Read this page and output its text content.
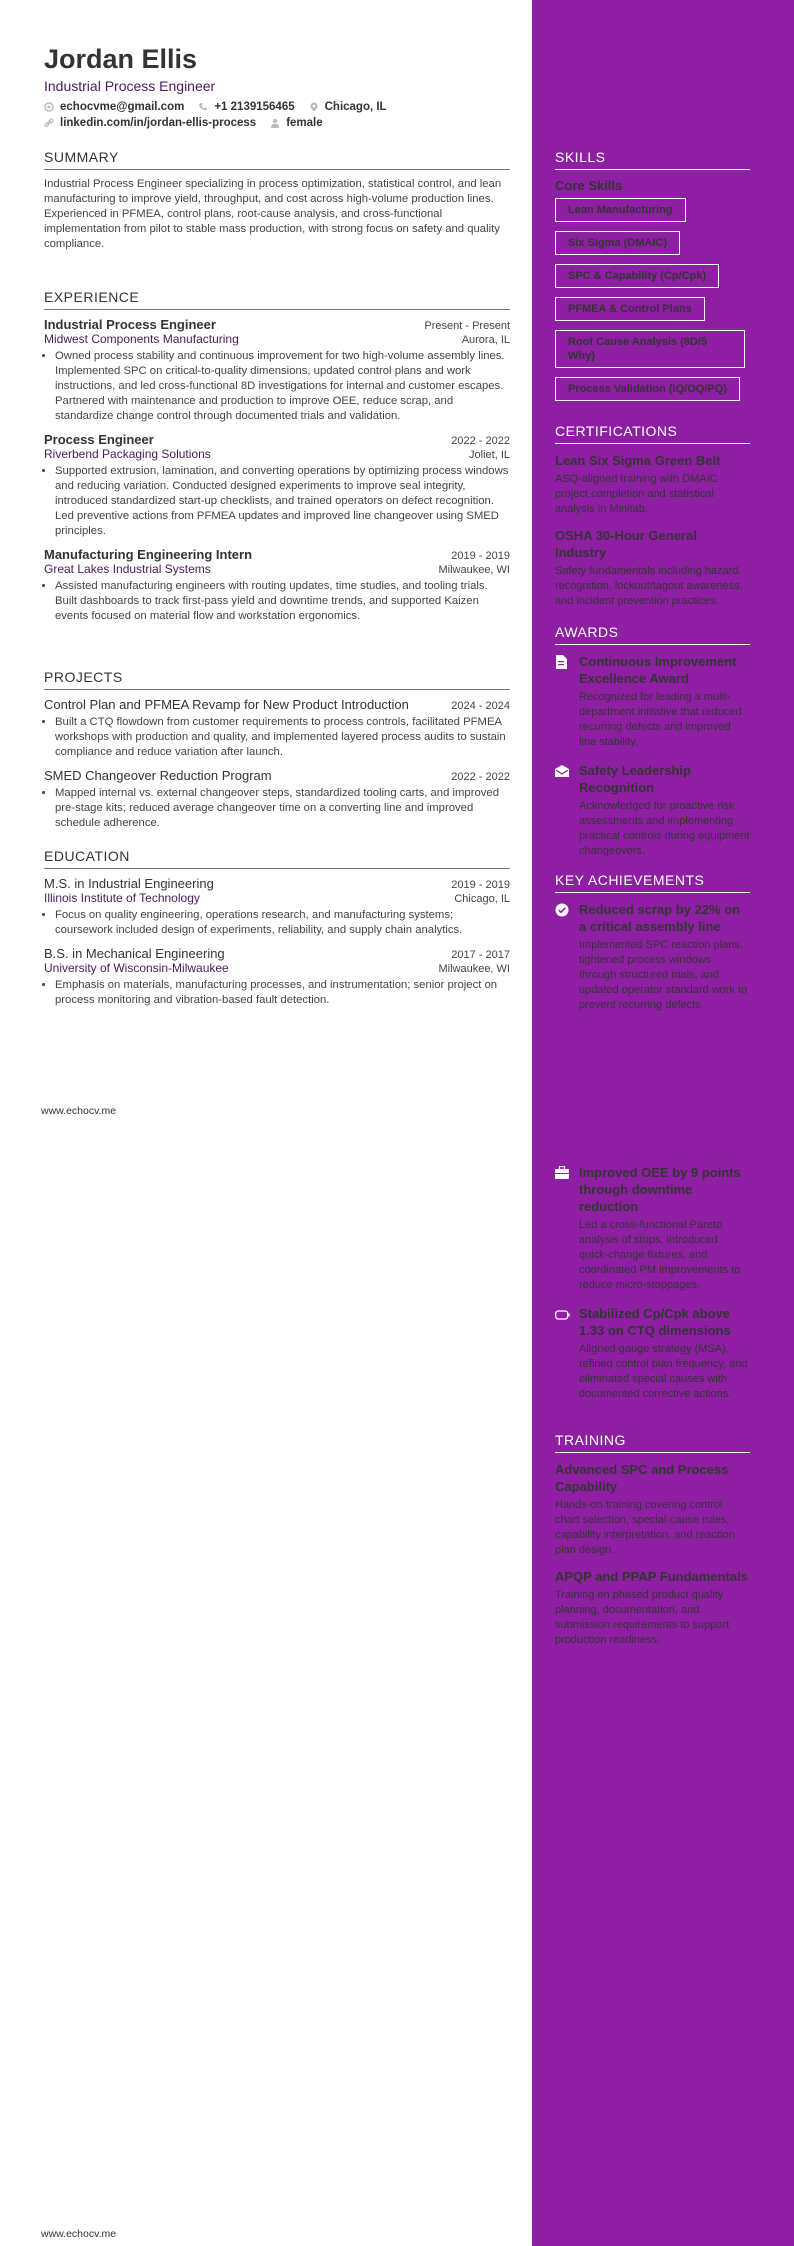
Jordan Ellis
Industrial Process Engineer
echocvme@gmail.com	+1 2139156465	Chicago, IL
linkedin.com/in/jordan-ellis-process	female
SUMMARY

Industrial Process Engineer specializing in process optimization, statistical control, and lean manufacturing to improve yield, throughput, and cost across high-volume production lines.

Experienced in PFMEA, control plans, root-cause analysis, and cross-functional implementation from pilot to stable mass production, with strong focus on safety and quality compliance.

EXPERIENCE
Industrial Process Engineer	Present - Present
Midwest Components Manufacturing	Aurora, IL
• Owned process stability and continuous improvement for two high-volume assembly lines. Implemented SPC on critical-to-quality dimensions, updated control plans and work instructions, and led cross-functional 8D investigations for internal and customer escapes. Partnered with maintenance and production to improve OEE, reduce scrap, and standardize change control through documented trials and validation.
Process Engineer	2022 - 2022
Riverbend Packaging Solutions	Joliet, IL
• Supported extrusion, lamination, and converting operations by optimizing process windows and reducing variation. Conducted designed experiments to improve seal integrity, introduced standardized start-up checklists, and trained operators on defect recognition. Led preventive actions from PFMEA updates and improved line changeover using SMED principles.
Manufacturing Engineering Intern	2019 - 2019
Great Lakes Industrial Systems	Milwaukee, WI
• Assisted manufacturing engineers with routing updates, time studies, and tooling trials. Built dashboards to track first-pass yield and downtime trends, and supported Kaizen events focused on material flow and workstation ergonomics.
PROJECTS
Control Plan and PFMEA Revamp for New Product Introduction	2024 - 2024
• Built a CTQ flowdown from customer requirements to process controls, facilitated PFMEA workshops with production and quality, and implemented layered process audits to sustain compliance and reduce variation after launch.
SMED Changeover Reduction Program	2022 - 2022
• Mapped internal vs. external changeover steps, standardized tooling carts, and improved pre-stage kits; reduced average changeover time on a converting line and improved schedule adherence.
EDUCATION
M.S. in Industrial Engineering	2019 - 2019
Illinois Institute of Technology	Chicago, IL
• Focus on quality engineering, operations research, and manufacturing systems; coursework included design of experiments, reliability, and supply chain analytics.
B.S. in Mechanical Engineering	2017 - 2017
University of Wisconsin-Milwaukee	Milwaukee, WI
• Emphasis on materials, manufacturing processes, and instrumentation; senior project on process monitoring and vibration-based fault detection.
www.echocv.me
www.echocv.me
SKILLS
Core Skills
Lean Manufacturing
Six Sigma (DMAIC)
SPC & Capability (Cp/Cpk)
PFMEA & Control Plans
Root Cause Analysis (8D/5 Why)
Process Validation (IQ/OQ/PQ)
CERTIFICATIONS
Lean Six Sigma Green Belt
ASQ-aligned training with DMAIC project completion and statistical analysis in Minitab.
OSHA 30-Hour General Industry
Safety fundamentals including hazard recognition, lockout/tagout awareness, and incident prevention practices.
AWARDS
Continuous Improvement Excellence Award
Recognized for leading a multi-department initiative that reduced recurring defects and improved line stability.
Safety Leadership Recognition
Acknowledged for proactive risk assessments and implementing practical controls during equipment changeovers.
KEY ACHIEVEMENTS
Reduced scrap by 22% on a critical assembly line
Implemented SPC reaction plans, tightened process windows through structured trials, and updated operator standard work to prevent recurring defects.
Improved OEE by 9 points through downtime reduction
Led a cross-functional Pareto analysis of stops, introduced quick-change fixtures, and coordinated PM improvements to reduce micro-stoppages.
Stabilized Cp/Cpk above 1.33 on CTQ dimensions
Aligned gauge strategy (MSA), refined control plan frequency, and eliminated special causes with documented corrective actions.
TRAINING
Advanced SPC and Process Capability
Hands-on training covering control chart selection, special-cause rules, capability interpretation, and reaction plan design.
APQP and PPAP Fundamentals
Training on phased product quality planning, documentation, and submission requirements to support production readiness.
